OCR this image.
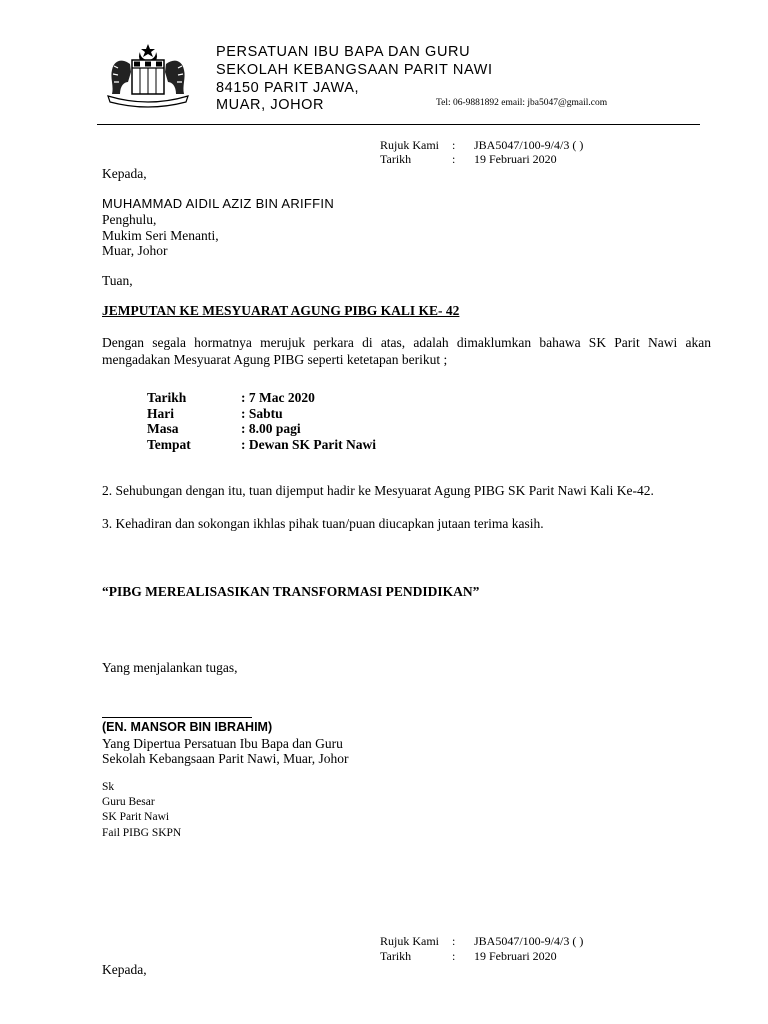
PERSATUAN IBU BAPA DAN GURU
SEKOLAH KEBANGSAAN PARIT NAWI
84150 PARIT JAWA,
MUAR, JOHOR	Tel: 06-9881892 email: jba5047@gmail.com
Rujuk Kami : JBA5047/100-9/4/3 ( )
Tarikh	: 19 Februari 2020
Kepada,
MUHAMMAD AIDIL AZIZ BIN ARIFFIN
Penghulu,
Mukim Seri Menanti,
Muar, Johor
Tuan,
JEMPUTAN KE MESYUARAT AGUNG PIBG KALI KE- 42
Dengan segala hormatnya merujuk perkara di atas, adalah dimaklumkan bahawa SK Parit Nawi akan mengadakan Mesyuarat Agung PIBG seperti ketetapan berikut ;
Tarikh	: 7 Mac 2020
Hari	: Sabtu
Masa	: 8.00 pagi
Tempat	: Dewan SK Parit Nawi
2. Sehubungan dengan itu, tuan dijemput hadir ke Mesyuarat Agung PIBG SK Parit Nawi Kali Ke-42.
3. Kehadiran dan sokongan ikhlas pihak tuan/puan diucapkan jutaan terima kasih.
“PIBG MEREALISASIKAN TRANSFORMASI PENDIDIKAN”
Yang menjalankan tugas,
(EN. MANSOR BIN IBRAHIM)
Yang Dipertua Persatuan Ibu Bapa dan Guru
Sekolah Kebangsaan Parit Nawi, Muar, Johor
Sk
Guru Besar
SK Parit Nawi
Fail PIBG SKPN
Rujuk Kami : JBA5047/100-9/4/3 ( )
Tarikh	: 19 Februari 2020
Kepada,
